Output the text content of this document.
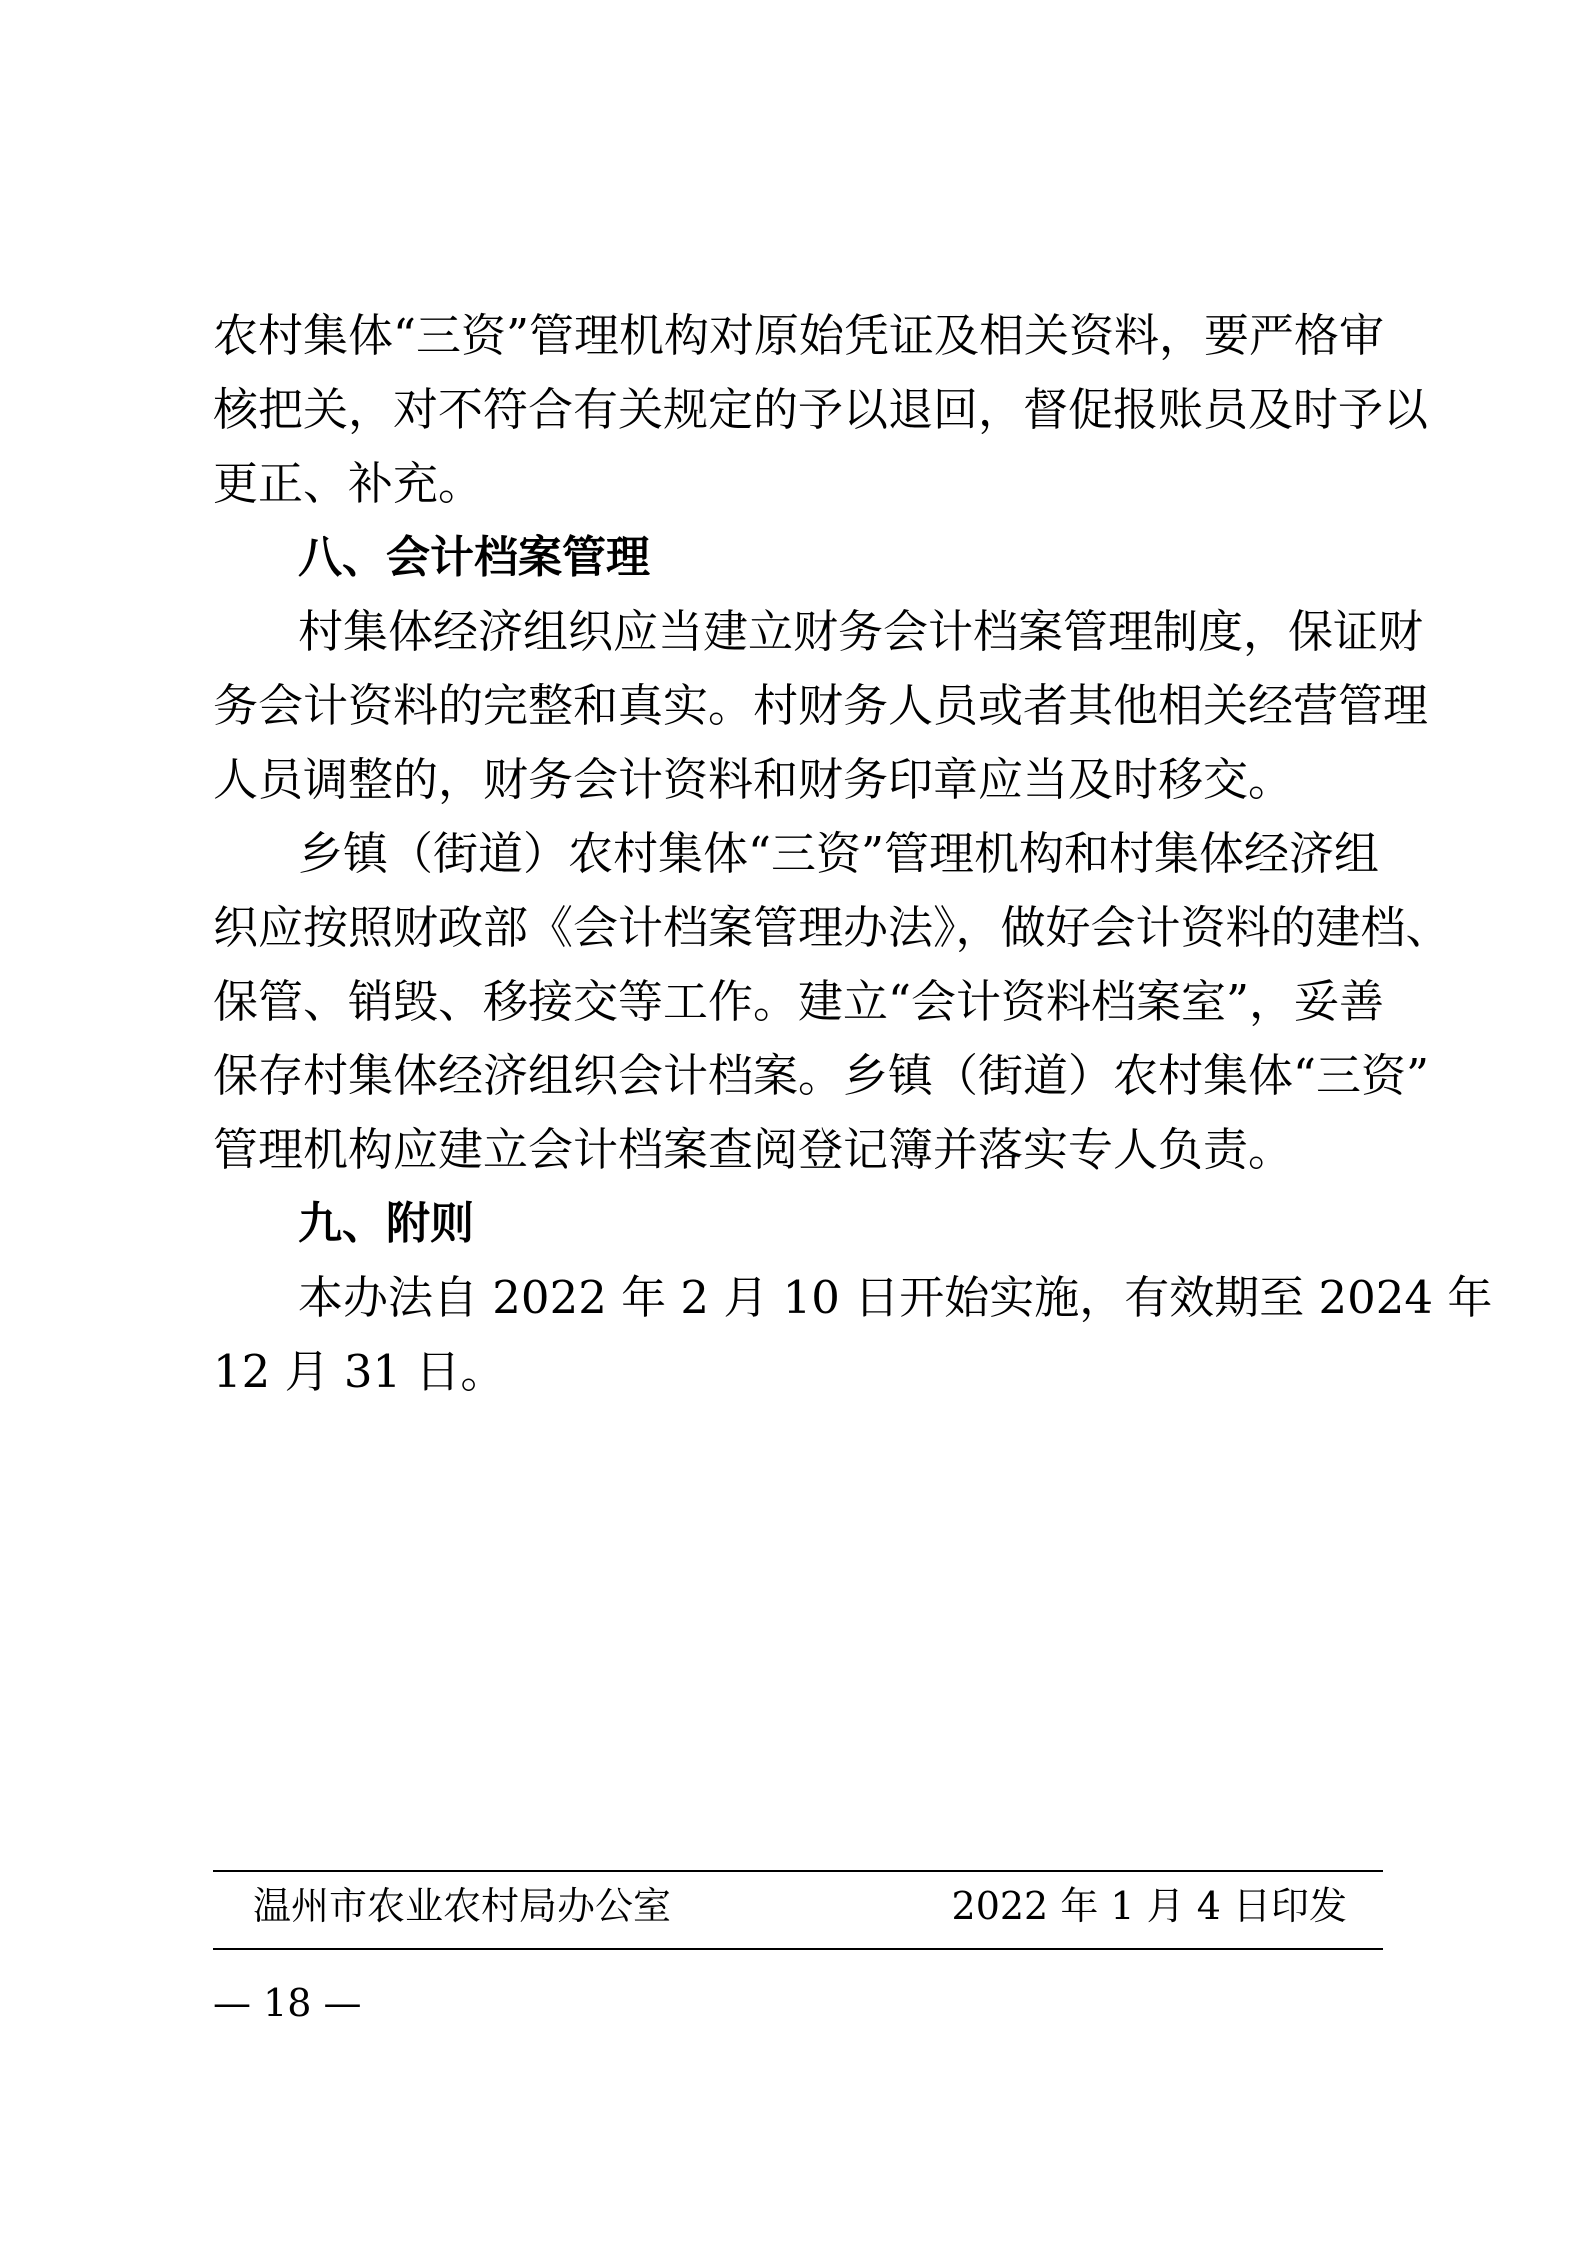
农村集体“三资”管理机构对原始凭证及相关资料，要严格审
核把关，对不符合有关规定的予以退回，督促报账员及时予以
更正、补充。
八、会计档案管理
村集体经济组织应当建立财务会计档案管理制度，保证财
务会计资料的完整和真实。村财务人员或者其他相关经营管理
人员调整的，财务会计资料和财务印章应当及时移交。
乡镇（街道）农村集体“三资”管理机构和村集体经济组
织应按照财政部《会计档案管理办法》，做好会计资料的建档、
保管、销毁、移接交等工作。建立“会计资料档案室”，妥善
保存村集体经济组织会计档案。乡镇（街道）农村集体“三资”
管理机构应建立会计档案查阅登记簿并落实专人负责。
九、附则
本办法自 2022 年 2 月 10 日开始实施，有效期至 2024 年
12 月 31 日。
温州市农业农村局办公室	2022 年 1 月 4 日印发
— 18 —
